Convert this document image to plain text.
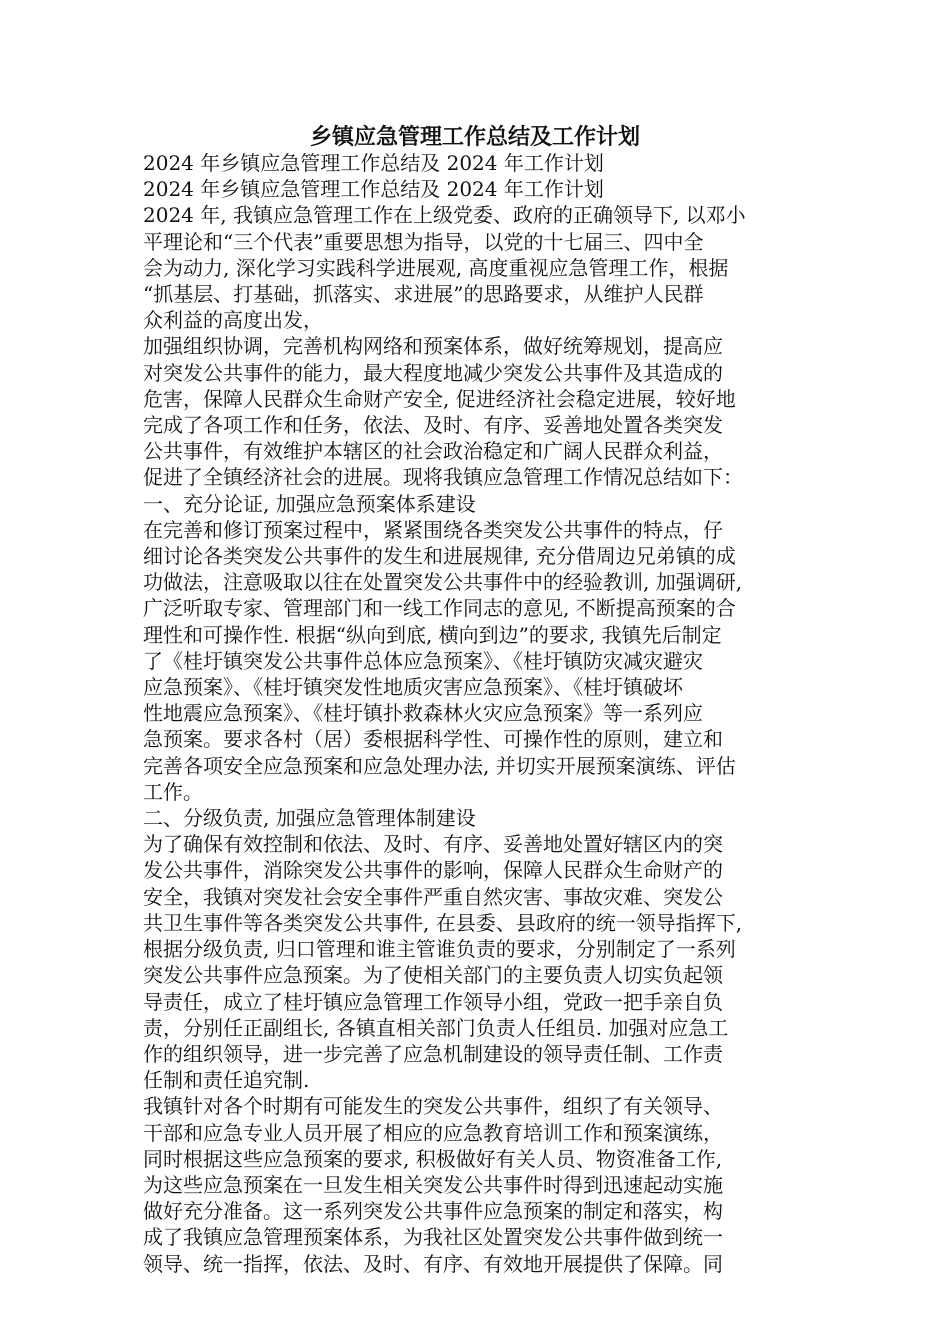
乡镇应急管理工作总结及工作计划

2024 年乡镇应急管理工作总结及 2024 年工作计划

2024 年乡镇应急管理工作总结及 2024 年工作计划

2024 年, 我镇应急管理工作在上级党委、政府的正确领导下, 以邓小

平理论和“三个代表”重要思想为指导，以党的十七届三、四中全

会为动力, 深化学习实践科学进展观, 高度重视应急管理工作，根据

“抓基层、打基础，抓落实、求进展”的思路要求，从维护人民群

众利益的高度出发，

加强组织协调，完善机构网络和预案体系，做好统筹规划，提高应

对突发公共事件的能力，最大程度地减少突发公共事件及其造成的

危害，保障人民群众生命财产安全, 促进经济社会稳定进展，较好地

完成了各项工作和任务，依法、及时、有序、妥善地处置各类突发

公共事件，有效维护本辖区的社会政治稳定和广阔人民群众利益，

促进了全镇经济社会的进展。现将我镇应急管理工作情况总结如下：

一、充分论证, 加强应急预案体系建设

在完善和修订预案过程中，紧紧围绕各类突发公共事件的特点，仔

细讨论各类突发公共事件的发生和进展规律, 充分借周边兄弟镇的成

功做法，注意吸取以往在处置突发公共事件中的经验教训, 加强调研,

广泛听取专家、管理部门和一线工作同志的意见, 不断提高预案的合

理性和可操作性. 根据“纵向到底, 横向到边”的要求, 我镇先后制定

了《桂圩镇突发公共事件总体应急预案》、《桂圩镇防灾减灾避灾

应急预案》、《桂圩镇突发性地质灾害应急预案》、《桂圩镇破坏

性地震应急预案》、《桂圩镇扑救森林火灾应急预案》等一系列应

急预案。要求各村（居）委根据科学性、可操作性的原则，建立和

完善各项安全应急预案和应急处理办法, 并切实开展预案演练、评估

工作。

二、分级负责, 加强应急管理体制建设

为了确保有效控制和依法、及时、有序、妥善地处置好辖区内的突

发公共事件，消除突发公共事件的影响，保障人民群众生命财产的

安全，我镇对突发社会安全事件严重自然灾害、事故灾难、突发公

共卫生事件等各类突发公共事件, 在县委、县政府的统一领导指挥下,

根据分级负责, 归口管理和谁主管谁负责的要求，分别制定了一系列

突发公共事件应急预案。为了使相关部门的主要负责人切实负起领

导责任，成立了桂圩镇应急管理工作领导小组，党政一把手亲自负

责，分别任正副组长, 各镇直相关部门负责人任组员. 加强对应急工

作的组织领导，进一步完善了应急机制建设的领导责任制、工作责

任制和责任追究制.

我镇针对各个时期有可能发生的突发公共事件，组织了有关领导、

干部和应急专业人员开展了相应的应急教育培训工作和预案演练，

同时根据这些应急预案的要求, 积极做好有关人员、物资准备工作,

为这些应急预案在一旦发生相关突发公共事件时得到迅速起动实施

做好充分准备。这一系列突发公共事件应急预案的制定和落实，构

成了我镇应急管理预案体系，为我社区处置突发公共事件做到统一

领导、统一指挥，依法、及时、有序、有效地开展提供了保障。同
